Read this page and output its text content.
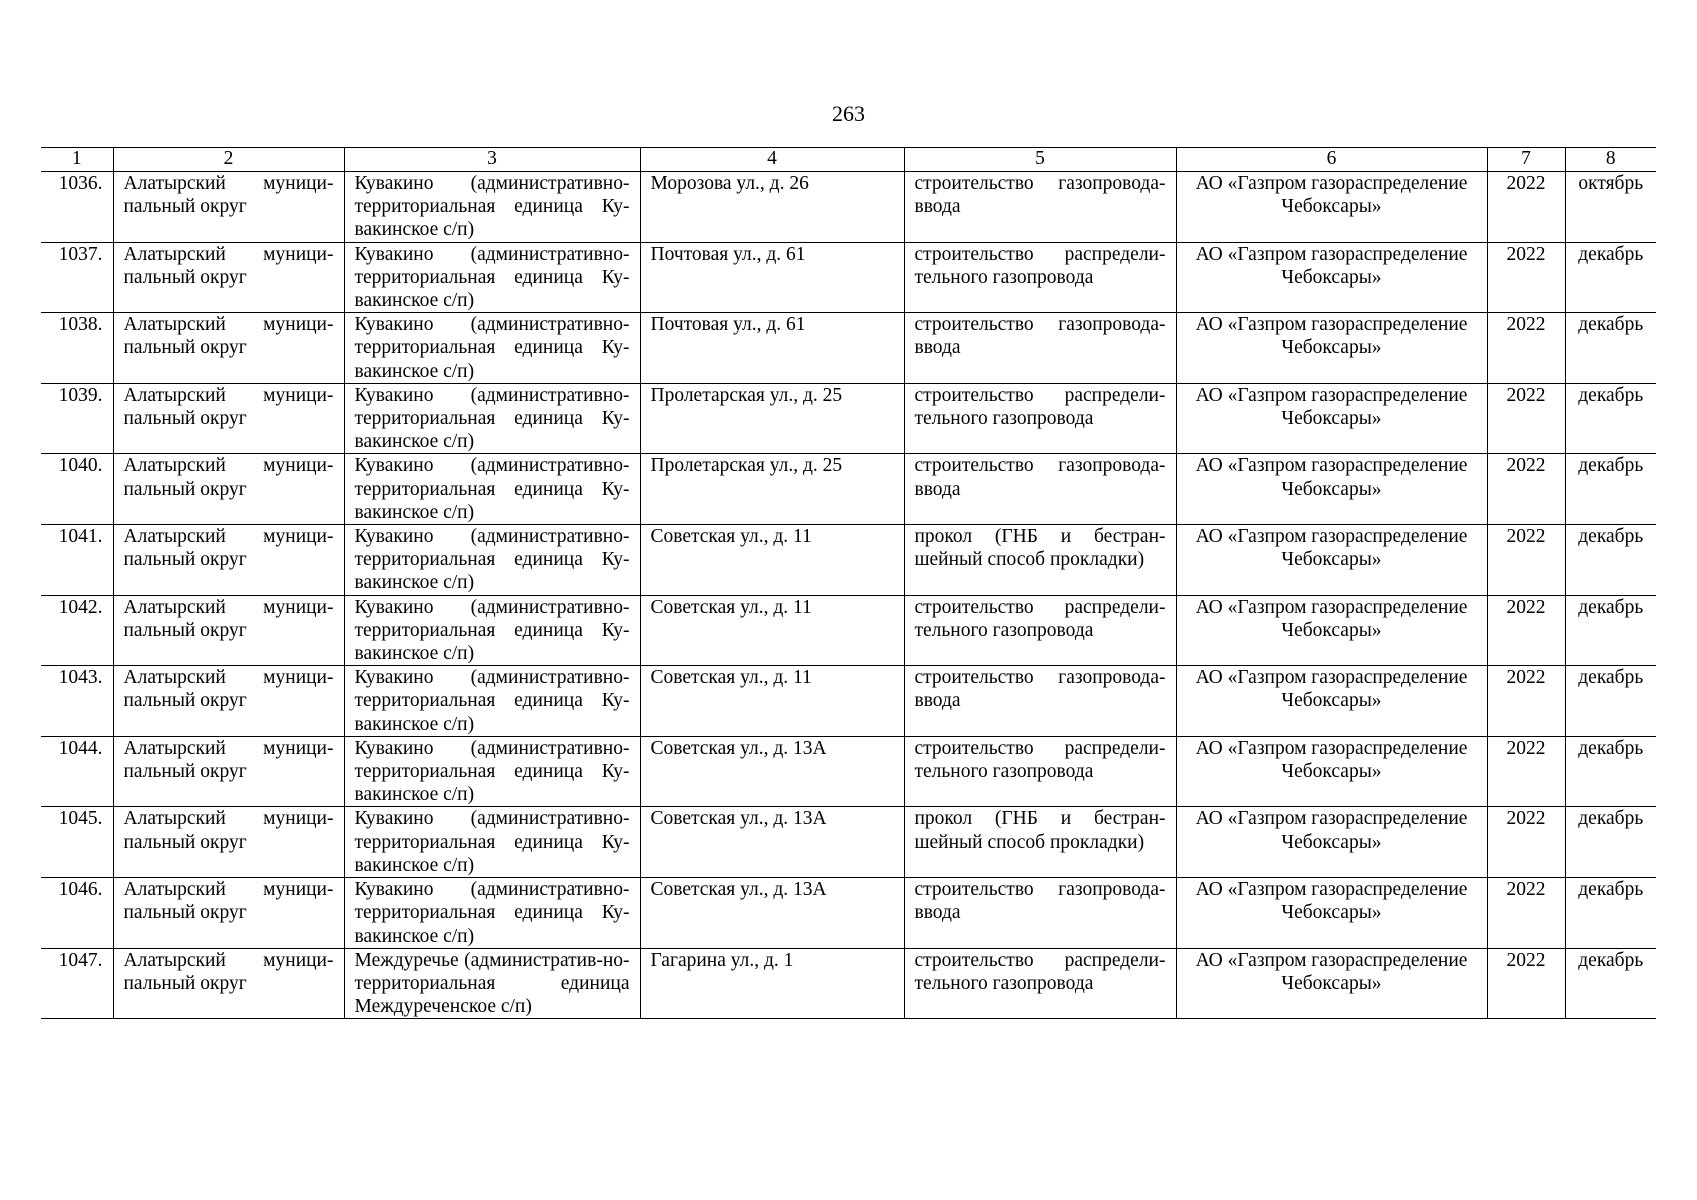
263
1	2	3	4	5	6	7	8
1036.	Алатырский муници-пальный округ	Кувакино (административно-территориальная единица Ку-вакинское с/п)	Морозова ул., д. 26	строительство газопровода-ввода	АО «Газпром газораспределение Чебоксары»	2022	октябрь
1037.	Алатырский муници-пальный округ	Кувакино (административно-территориальная единица Ку-вакинское с/п)	Почтовая ул., д. 61	строительство распредели-тельного газопровода	АО «Газпром газораспределение Чебоксары»	2022	декабрь
1038.	Алатырский муници-пальный округ	Кувакино (административно-территориальная единица Ку-вакинское с/п)	Почтовая ул., д. 61	строительство газопровода-ввода	АО «Газпром газораспределение Чебоксары»	2022	декабрь
1039.	Алатырский муници-пальный округ	Кувакино (административно-территориальная единица Ку-вакинское с/п)	Пролетарская ул., д. 25	строительство распредели-тельного газопровода	АО «Газпром газораспределение Чебоксары»	2022	декабрь
1040.	Алатырский муници-пальный округ	Кувакино (административно-территориальная единица Ку-вакинское с/п)	Пролетарская ул., д. 25	строительство газопровода-ввода	АО «Газпром газораспределение Чебоксары»	2022	декабрь
1041.	Алатырский муници-пальный округ	Кувакино (административно-территориальная единица Ку-вакинское с/п)	Советская ул., д. 11	прокол (ГНБ и бестран-шейный способ прокладки)	АО «Газпром газораспределение Чебоксары»	2022	декабрь
1042.	Алатырский муници-пальный округ	Кувакино (административно-территориальная единица Ку-вакинское с/п)	Советская ул., д. 11	строительство распредели-тельного газопровода	АО «Газпром газораспределение Чебоксары»	2022	декабрь
1043.	Алатырский муници-пальный округ	Кувакино (административно-территориальная единица Ку-вакинское с/п)	Советская ул., д. 11	строительство газопровода-ввода	АО «Газпром газораспределение Чебоксары»	2022	декабрь
1044.	Алатырский муници-пальный округ	Кувакино (административно-территориальная единица Ку-вакинское с/п)	Советская ул., д. 13А	строительство распредели-тельного газопровода	АО «Газпром газораспределение Чебоксары»	2022	декабрь
1045.	Алатырский муници-пальный округ	Кувакино (административно-территориальная единица Ку-вакинское с/п)	Советская ул., д. 13А	прокол (ГНБ и бестран-шейный способ прокладки)	АО «Газпром газораспределение Чебоксары»	2022	декабрь
1046.	Алатырский муници-пальный округ	Кувакино (административно-территориальная единица Ку-вакинское с/п)	Советская ул., д. 13А	строительство газопровода-ввода	АО «Газпром газораспределение Чебоксары»	2022	декабрь
1047.	Алатырский муници-пальный округ	Междуречье (административ-но-территориальная единица Междуреченское с/п)	Гагарина ул., д. 1	строительство распредели-тельного газопровода	АО «Газпром газораспределение Чебоксары»	2022	декабрь
